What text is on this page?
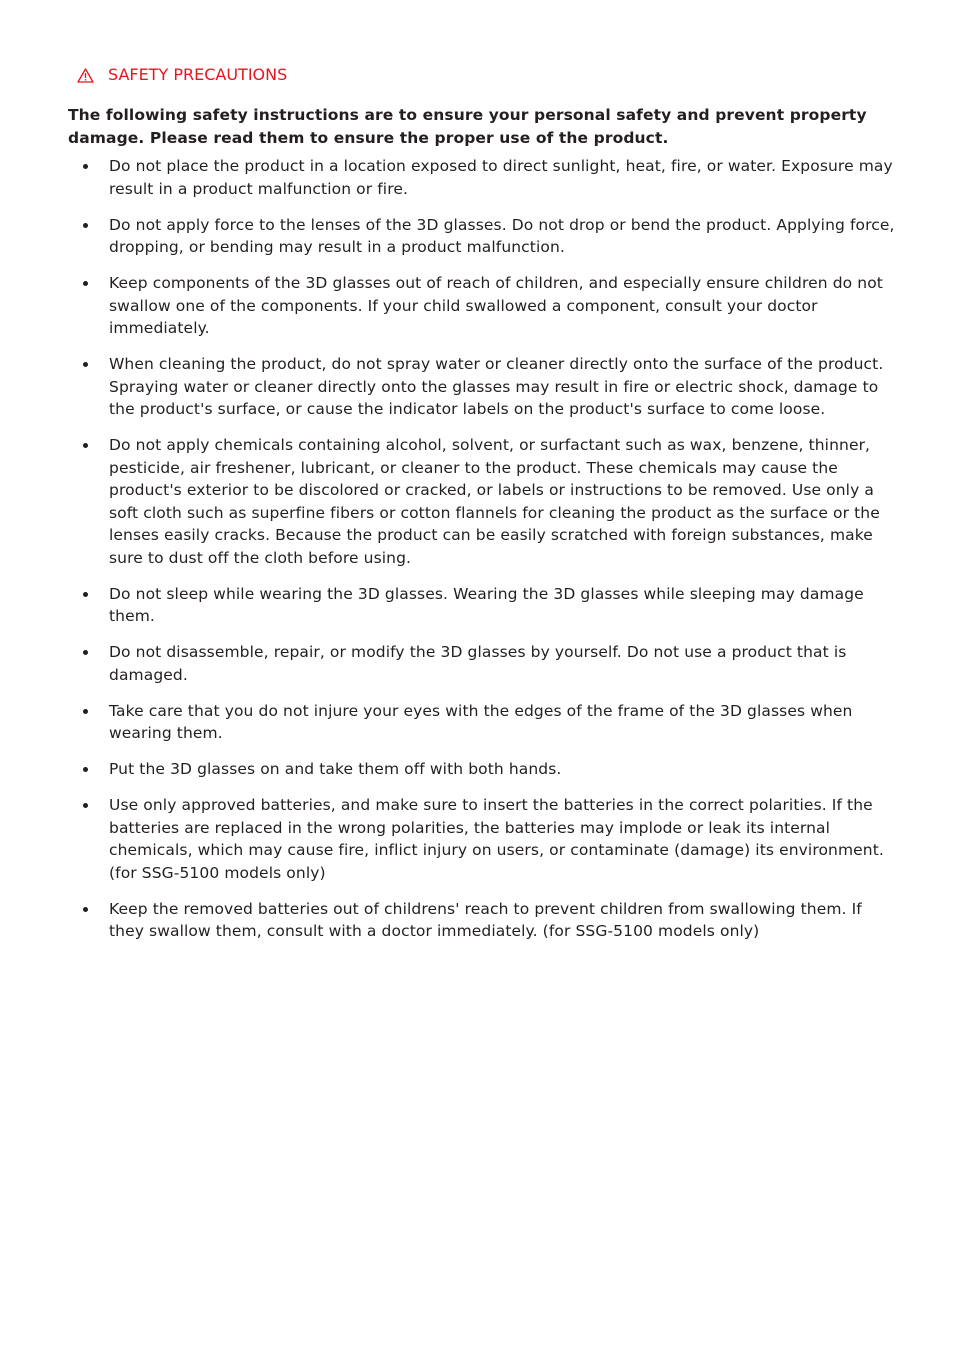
SAFETY PRECAUTIONS

The following safety instructions are to ensure your personal safety and prevent property damage. Please read them to ensure the proper use of the product.

Do not place the product in a location exposed to direct sunlight, heat, fire, or water. Exposure may result in a product malfunction or fire.
Do not apply force to the lenses of the 3D glasses. Do not drop or bend the product. Applying force, dropping, or bending may result in a product malfunction.
Keep components of the 3D glasses out of reach of children, and especially ensure children do not swallow one of the components. If your child swallowed a component, consult your doctor immediately.
When cleaning the product, do not spray water or cleaner directly onto the surface of the product. Spraying water or cleaner directly onto the glasses may result in fire or electric shock, damage to the product's surface, or cause the indicator labels on the product's surface to come loose.
Do not apply chemicals containing alcohol, solvent, or surfactant such as wax, benzene, thinner, pesticide, air freshener, lubricant, or cleaner to the product. These chemicals may cause the product's exterior to be discolored or cracked, or labels or instructions to be removed. Use only a soft cloth such as superfine fibers or cotton flannels for cleaning the product as the surface or the lenses easily cracks. Because the product can be easily scratched with foreign substances, make sure to dust off the cloth before using.
Do not sleep while wearing the 3D glasses. Wearing the 3D glasses while sleeping may damage them.
Do not disassemble, repair, or modify the 3D glasses by yourself. Do not use a product that is damaged.
Take care that you do not injure your eyes with the edges of the frame of the 3D glasses when wearing them.
Put the 3D glasses on and take them off with both hands.
Use only approved batteries, and make sure to insert the batteries in the correct polarities. If the batteries are replaced in the wrong polarities, the batteries may implode or leak its internal chemicals, which may cause fire, inflict injury on users, or contaminate (damage) its environment. (for SSG-5100 models only)
Keep the removed batteries out of childrens' reach to prevent children from swallowing them. If they swallow them, consult with a doctor immediately. (for SSG-5100 models only)
